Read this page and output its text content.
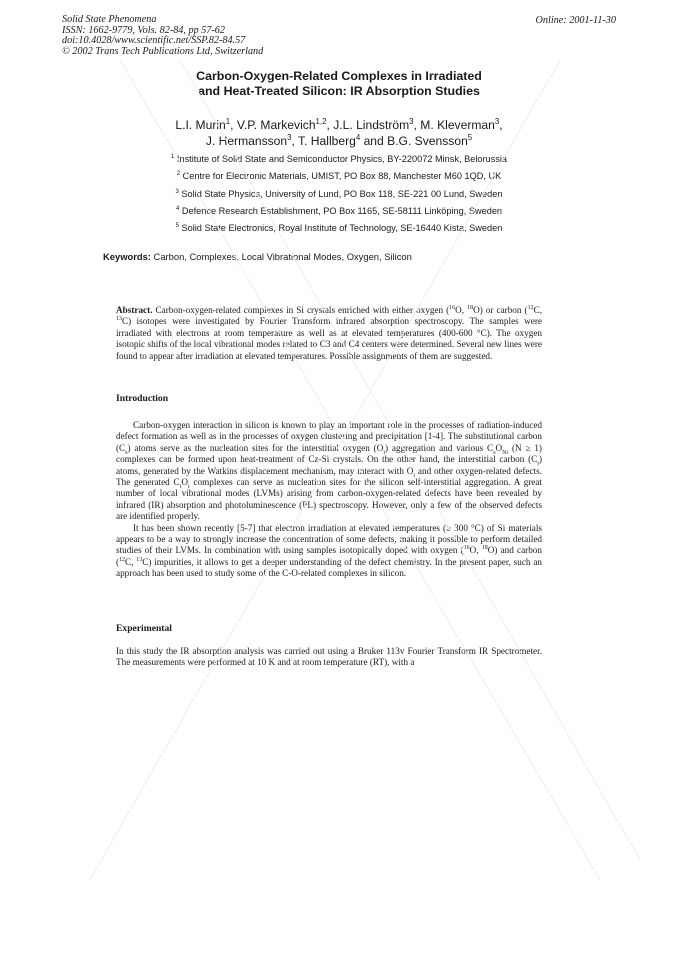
Solid State Phenomena
ISSN: 1662-9779, Vols. 82-84, pp 57-62
doi:10.4028/www.scientific.net/SSP.82-84.57
© 2002 Trans Tech Publications Ltd, Switzerland
Online: 2001-11-30
Carbon-Oxygen-Related Complexes in Irradiated
and Heat-Treated Silicon: IR Absorption Studies
L.I. Murin$^1$, V.P. Markevich$^{1,2}$, J.L. Lindström$^3$, M. Kleverman$^3$,
J. Hermansson$^3$, T. Hallberg$^4$ and B.G. Svensson$^5$
$^1$ Institute of Solid State and Semiconductor Physics, BY-220072 Minsk, Belorussia
$^2$ Centre for Electronic Materials, UMIST, PO Box 88, Manchester M60 1QD, UK
$^3$ Solid State Physics, University of Lund, PO Box 118, SE-221 00 Lund, Sweden
$^4$ Defence Research Establishment, PO Box 1165, SE-58111 Linköping, Sweden
$^5$ Solid State Electronics, Royal Institute of Technology, SE-16440 Kista, Sweden
Keywords: Carbon, Complexes, Local Vibrational Modes, Oxygen, Silicon

Abstract. Carbon-oxygen-related complexes in Si crystals enriched with either oxygen ($^{16}$O, $^{18}$O) or carbon ($^{12}$C, $^{13}$C) isotopes were investigated by Fourier Transform infrared absorption spectroscopy. The samples were irradiated with electrons at room temperature as well as at elevated temperatures (400-600 °C). The oxygen isotopic shifts of the local vibrational modes related to C3 and C4 centers were determined. Several new lines were found to appear after irradiation at elevated temperatures. Possible assignments of them are suggested.

Introduction

Carbon-oxygen interaction in silicon is known to play an important role in the processes of radiation-induced defect formation as well as in the processes of oxygen clustering and precipitation [1-4]. The substitutional carbon $(C_s)$ atoms serve as the nucleation sites for the interstitial oxygen $(O_i)$ aggregation and various $C_sO_{Ni}$ (N ≥ 1) complexes can be formed upon heat-treatment of Cz-Si crystals. On the other hand, the interstitial carbon $(C_i)$ atoms, generated by the Watkins displacement mechanism, may interact with $O_i$ and other oxygen-related defects. The generated $C_iO_i$ complexes can serve as nucleation sites for the silicon self-interstitial aggregation. A great number of local vibrational modes (LVMs) arising from carbon-oxygen-related defects have been revealed by infrared (IR) absorption and photoluminescence (PL) spectroscopy. However, only a few of the observed defects are identified properly.

It has been shown recently [5-7] that electron irradiation at elevated temperatures (≥ 300 °C) of Si materials appears to be a way to strongly increase the concentration of some defects, making it possible to perform detailed studies of their LVMs. In combination with using samples isotopically doped with oxygen ($^{16}$O, $^{18}$O) and carbon ($^{12}$C, $^{13}$C) impurities, it allows to get a deeper understanding of the defect chemistry. In the present paper, such an approach has been used to study some of the C-O-related complexes in silicon.

Experimental

In this study the IR absorption analysis was carried out using a Bruker 113v Fourier Transform IR Spectrometer. The measurements were performed at 10 K and at room temperature (RT), with a
